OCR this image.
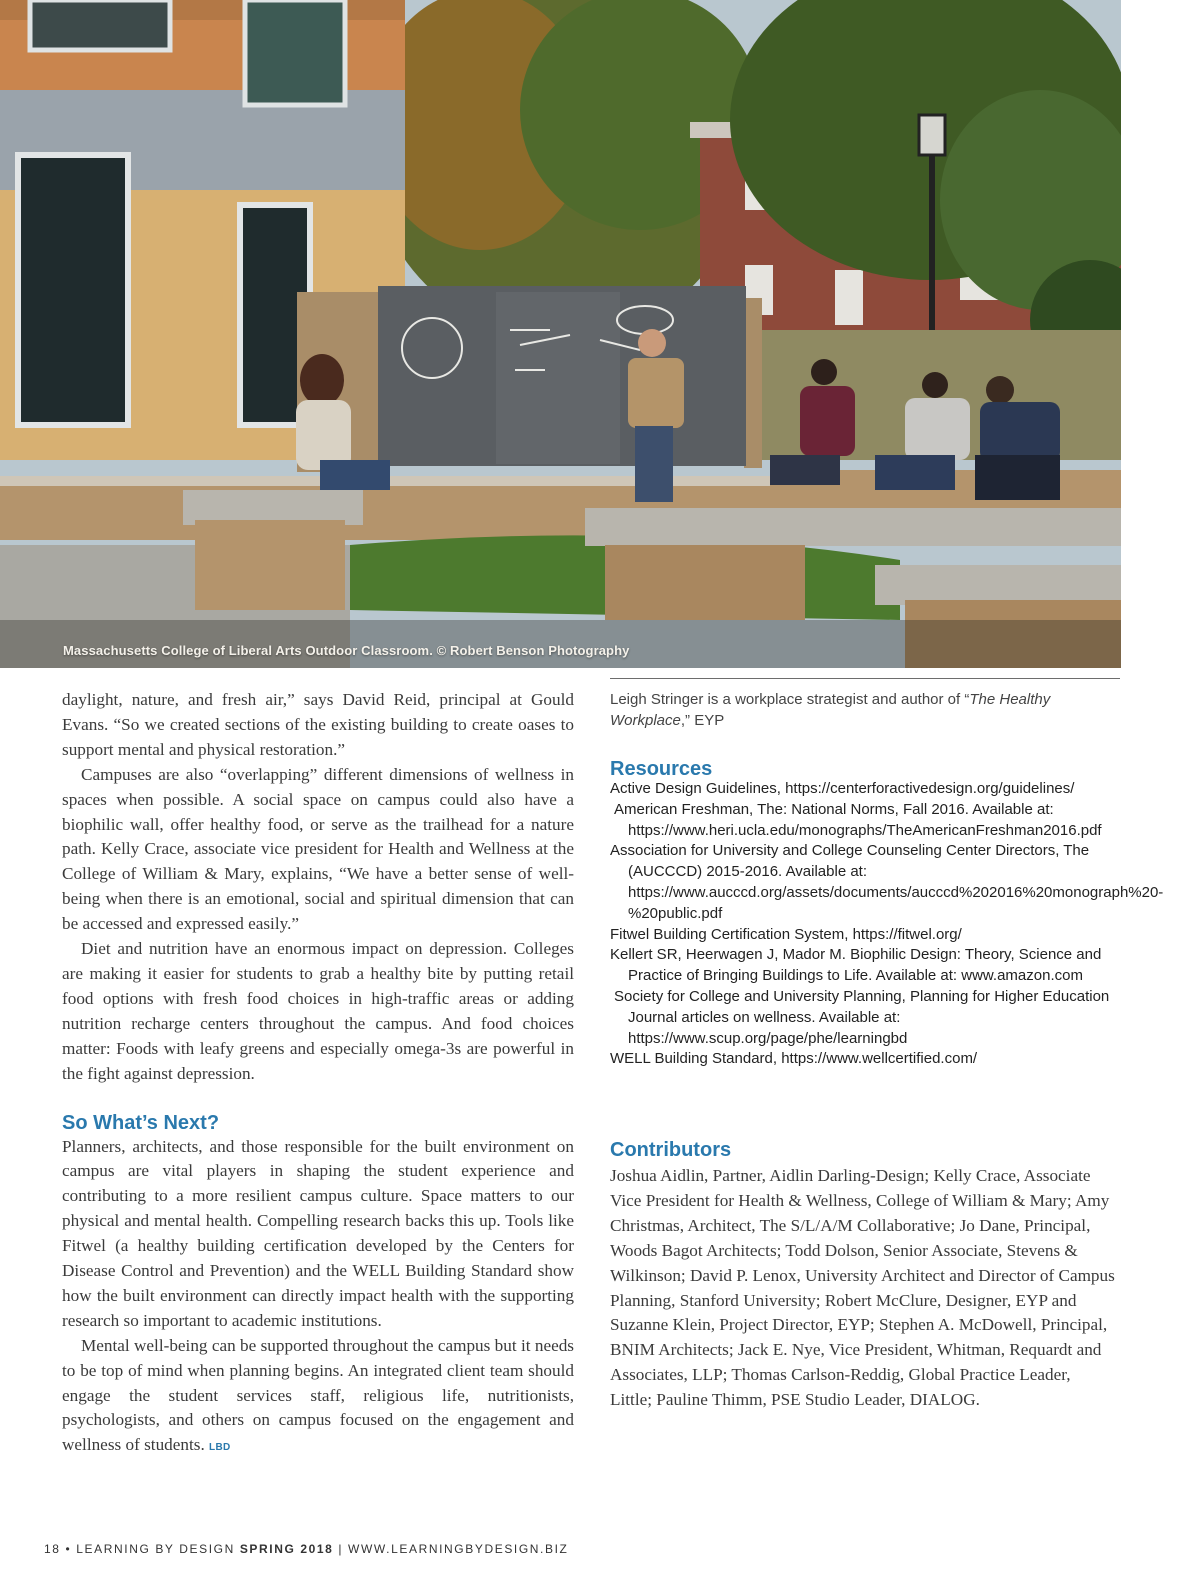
Massachusetts College of Liberal Arts Outdoor Classroom. © Robert Benson Photography

daylight, nature, and fresh air,” says David Reid, principal at Gould Evans. “So we created sections of the existing building to create oases to support mental and physical restoration.”

Campuses are also “overlapping” different dimensions of wellness in spaces when possible. A social space on campus could also have a biophilic wall, offer healthy food, or serve as the trailhead for a nature path. Kelly Crace, associate vice president for Health and Wellness at the College of William & Mary, explains, “We have a better sense of well-being when there is an emotional, social and spiritual dimension that can be accessed and expressed easily.”

Diet and nutrition have an enormous impact on depression. Colleges are making it easier for students to grab a healthy bite by putting retail food options with fresh food choices in high-traffic areas or adding nutrition recharge centers throughout the campus. And food choices matter: Foods with leafy greens and especially omega-3s are powerful in the fight against depression.

So What’s Next?

Planners, architects, and those responsible for the built environment on campus are vital players in shaping the student experience and contributing to a more resilient campus culture. Space matters to our physical and mental health. Compelling research backs this up. Tools like Fitwel (a healthy building certification developed by the Centers for Disease Control and Prevention) and the WELL Building Standard show how the built environment can directly impact health with the supporting research so important to academic institutions.

Mental well-being can be supported throughout the campus but it needs to be top of mind when planning begins. An integrated client team should engage the student services staff, religious life, nutritionists, psychologists, and others on campus focused on the engagement and wellness of students. LBD

Leigh Stringer is a workplace strategist and author of “The Healthy Workplace,” EYP
Resources
Active Design Guidelines, https://centerforactivedesign.org/guidelines/
American Freshman, The: National Norms, Fall 2016. Available at: https://www.heri.ucla.edu/monographs/TheAmericanFreshman2016.pdf
Association for University and College Counseling Center Directors, The (AUCCCD) 2015-2016. Available at: https://www.aucccd.org/assets/documents/aucccd%202016%20monograph%20-%20public.pdf
Fitwel Building Certification System, https://fitwel.org/
Kellert SR, Heerwagen J, Mador M. Biophilic Design: Theory, Science and Practice of Bringing Buildings to Life. Available at: www.amazon.com
Society for College and University Planning, Planning for Higher Education Journal articles on wellness. Available at: https://www.scup.org/page/phe/learningbd
WELL Building Standard, https://www.wellcertified.com/
Contributors

Joshua Aidlin, Partner, Aidlin Darling-Design; Kelly Crace, Associate Vice President for Health & Wellness, College of William & Mary; Amy Christmas, Architect, The S/L/A/M Collaborative; Jo Dane, Principal, Woods Bagot Architects; Todd Dolson, Senior Associate, Stevens & Wilkinson; David P. Lenox, University Architect and Director of Campus Planning, Stanford University; Robert McClure, Designer, EYP and Suzanne Klein, Project Director, EYP; Stephen A. McDowell, Principal, BNIM Architects; Jack E. Nye, Vice President, Whitman, Requardt and Associates, LLP; Thomas Carlson-Reddig, Global Practice Leader, Little; Pauline Thimm, PSE Studio Leader, DIALOG.

18 • LEARNING BY DESIGN SPRING 2018 | WWW.LEARNINGBYDESIGN.BIZ
